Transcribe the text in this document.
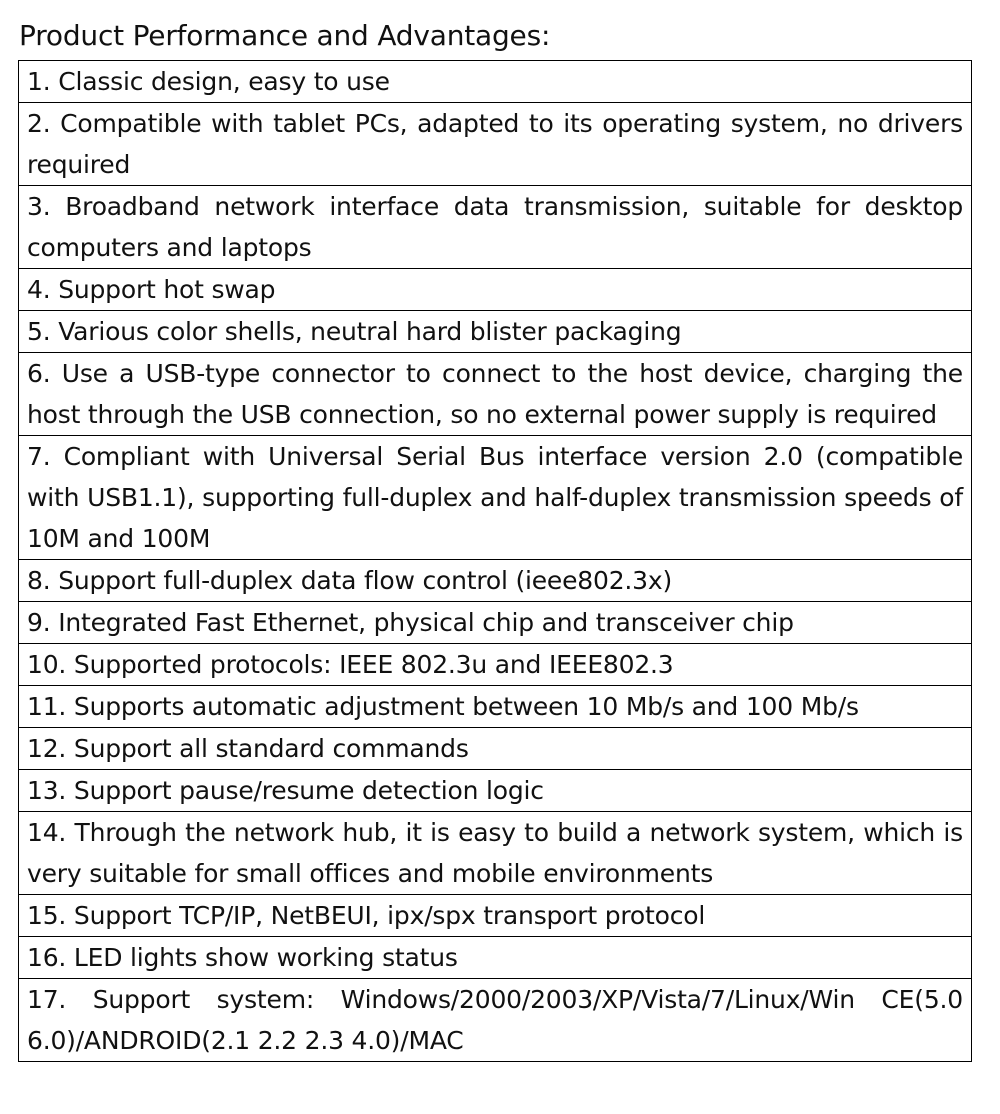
Product Performance and Advantages:
1. Classic design, easy to use
2. Compatible with tablet PCs, adapted to its operating system, no drivers required
3. Broadband network interface data transmission, suitable for desktop computers and laptops
4. Support hot swap
5. Various color shells, neutral hard blister packaging
6. Use a USB-type connector to connect to the host device, charging the host through the USB connection, so no external power supply is required
7. Compliant with Universal Serial Bus interface version 2.0 (compatible with USB1.1), supporting full-duplex and half-duplex transmission speeds of 10M and 100M
8. Support full-duplex data flow control (ieee802.3x)
9. Integrated Fast Ethernet, physical chip and transceiver chip
10. Supported protocols: IEEE 802.3u and IEEE802.3
11. Supports automatic adjustment between 10 Mb/s and 100 Mb/s
12. Support all standard commands
13. Support pause/resume detection logic
14. Through the network hub, it is easy to build a network system, which is very suitable for small offices and mobile environments
15. Support TCP/IP, NetBEUI, ipx/spx transport protocol
16. LED lights show working status
17. Support system: Windows/2000/2003/XP/Vista/7/Linux/Win CE(5.0 6.0)/ANDROID(2.1 2.2 2.3 4.0)/MAC
